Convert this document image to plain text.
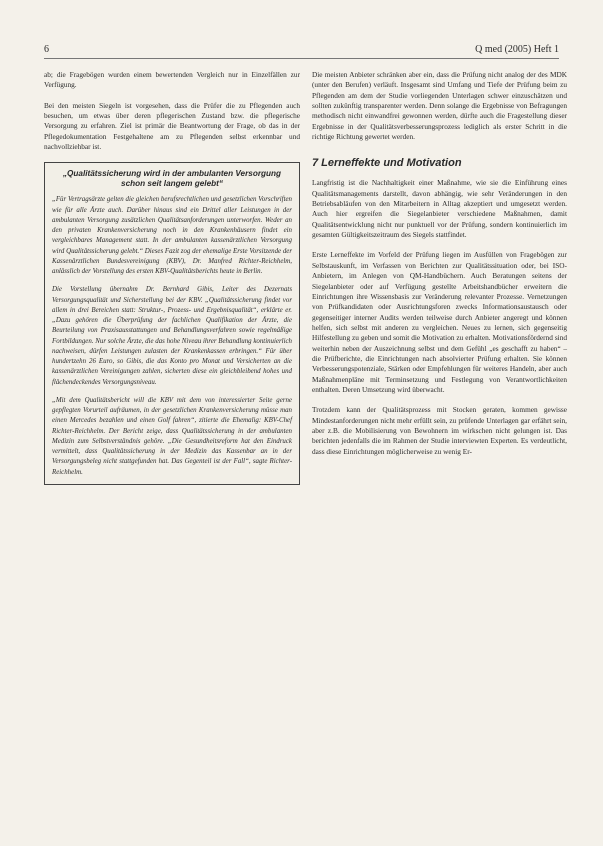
6	Q med (2005) Heft 1

ab; die Fragebögen wurden einem bewertenden Vergleich nur in Einzelfällen zur Verfügung.

Bei den meisten Siegeln ist vorgesehen, dass die Prüfer die zu Pflegenden auch besuchen, um etwas über deren pflegerischen Zustand bzw. die pflegerische Versorgung zu erfahren. Ziel ist primär die Beantwortung der Frage, ob das in der Pflegedokumentation Festgehaltene am zu Pflegenden selbst erkennbar und nachvollziehbar ist.

„Qualitätssicherung wird in der ambulanten Versorgung schon seit langem gelebt“

„Für Vertragsärzte gelten die gleichen berufsrechtlichen und gesetzlichen Vorschriften wie für alle Ärzte auch. Darüber hinaus sind ein Drittel aller Leistungen in der ambulanten Versorgung zusätzlichen Qualitätsanforderungen unterworfen. Weder an den privaten Krankenversicherung noch in den Krankenhäusern findet ein vergleichbares Management statt. In der ambulanten kassenärztlichen Versorgung wird Qualitätssicherung gelebt.“ Dieses Fazit zog der ehemalige Erste Vorsitzende der Kassenärztlichen Bundesvereinigung (KBV), Dr. Manfred Richter-Reichhelm, anlässlich der Vorstellung des ersten KBV-Qualitätsberichts heute in Berlin.

Die Vorstellung übernahm Dr. Bernhard Gibis, Leiter des Dezernats Versorgungsqualität und Sicherstellung bei der KBV. „Qualitätssicherung findet vor allem in drei Bereichen statt: Struktur-, Prozess- und Ergebnisqualität“, erklärte er. „Dazu gehören die Überprüfung der fachlichen Qualifikation der Ärzte, die Beurteilung von Praxisausstattungen und Behandlungsverfahren sowie regelmäßige Fortbildungen. Nur solche Ärzte, die das hohe Niveau ihrer Behandlung kontinuierlich nachweisen, dürfen Leistungen zulasten der Krankenkassen erbringen.“ Für über hundertzehn 26 Euro, so Gibis, die das Konto pro Monat und Versicherten an die kassenärztlichen Vereinigungen zahlen, sicherten diese ein gleichbleibend hohes und flächendeckendes Versorgungsniveau.

„Mit dem Qualitätsbericht will die KBV mit dem von interessierter Seite gerne gepflegten Vorurteil aufräumen, in der gesetzlichen Krankenversicherung müsse man einen Mercedes bezahlen und einen Golf fahren“, zitierte die Ehemalig: KBV-Chef Richter-Reichhelm. Der Bericht zeige, dass Qualitätssicherung in der ambulanten Medizin zum Selbstverständnis gehöre. „Die Gesundheitsreform hat den Eindruck vermittelt, dass Qualitätssicherung in der Medizin das Kassenbar an in der Versorgungsbeleg nicht stattgefunden hat. Das Gegenteil ist der Fall“, sagte Richter-Reichhelm.

Die meisten Anbieter schränken aber ein, dass die Prüfung nicht analog der des MDK (unter den Berufen) verläuft. Insgesamt sind Umfang und Tiefe der Prüfung beim zu Pflegenden am dem der Studie vorliegenden Unterlagen schwer einzuschätzen und sollten zukünftig transparenter werden. Denn solange die Ergebnisse von Befragungen methodisch nicht einwandfrei gewonnen werden, dürfte auch die Fragestellung dieser Ergebnisse in der Qualitätsverbesserungsprozess lediglich als erster Schritt in die richtige Richtung gewertet werden.

7 Lerneffekte und Motivation

Langfristig ist die Nachhaltigkeit einer Maßnahme, wie sie die Einführung eines Qualitätsmanagements darstellt, davon abhängig, wie sehr Veränderungen in den Betriebsabläufen von den Mitarbeitern in Alltag akzeptiert und umgesetzt werden. Auch hier ergreifen die Siegelanbieter verschiedene Maßnahmen, damit Qualitätsentwicklung nicht nur punktuell vor der Prüfung, sondern kontinuierlich im gesamten Gültigkeitszeitraum des Siegels stattfindet.

Erste Lerneffekte im Vorfeld der Prüfung liegen im Ausfüllen von Fragebögen zur Selbstauskunft, im Verfassen von Berichten zur Qualitätssituation oder, bei ISO-Anbietern, im Anlegen von QM-Handbüchern. Auch Beratungen seitens der Siegelanbieter oder auf Verfügung gestellte Arbeitshandbücher erweitern die Einrichtungen ihre Wissensbasis zur Veränderung relevanter Prozesse. Vernetzungen von Prüfkandidaten oder Ausrichtungsforen zwecks Informationsaustausch oder gegenseitiger interner Audits werden teilweise durch Anbieter angeregt und können helfen, sich selbst mit anderen zu vergleichen. Neues zu lernen, sich gegenseitig Hilfestellung zu geben und somit die Motivation zu erhalten. Motivationsfördernd sind weiterhin neben der Auszeichnung selbst und dem Gefühl „es geschafft zu haben“ – die Prüfberichte, die Einrichtungen nach absolvierter Prüfung erhalten. Sie können Verbesserungspotenziale, Stärken oder Empfehlungen für weiteres Handeln, aber auch Maßnahmenpläne mit Terminsetzung und Festlegung von Verantwortlichkeiten enthalten. Deren Umsetzung wird überwacht.

Trotzdem kann der Qualitätsprozess mit Stocken geraten, kommen gewisse Mindestanforderungen nicht mehr erfüllt sein, zu prüfende Unterlagen gar erfährt sein, aber z.B. die Mobilisierung von Bewohnern im wirkschen nicht gelungen ist. Das berichten jedenfalls die im Rahmen der Studie interviewten Experten. Es verdeutlicht, dass diese Einrichtungen möglicherweise zu wenig Er-
